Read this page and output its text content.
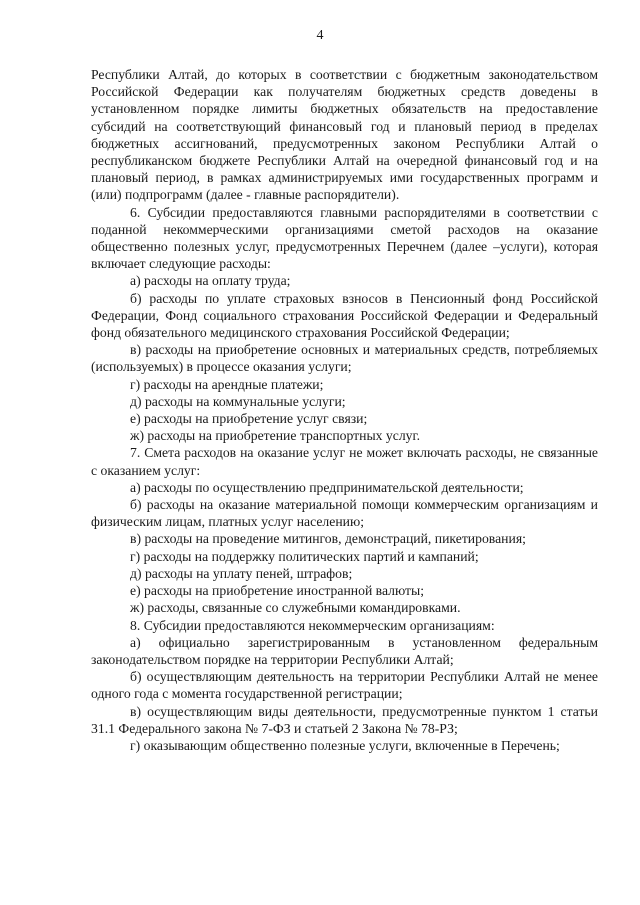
4

Республики Алтай, до которых в соответствии с бюджетным законодательством Российской Федерации как получателям бюджетных средств доведены в установленном порядке лимиты бюджетных обязательств на предоставление субсидий на соответствующий финансовый год и плановый период в пределах бюджетных ассигнований, предусмотренных законом Республики Алтай о республиканском бюджете Республики Алтай на очередной финансовый год и на плановый период, в рамках администрируемых ими государственных программ и (или) подпрограмм (далее - главные распорядители).

6. Субсидии предоставляются главными распорядителями в соответствии с поданной некоммерческими организациями сметой расходов на оказание общественно полезных услуг, предусмотренных Перечнем (далее –услуги), которая включает следующие расходы:

а) расходы на оплату труда;

б) расходы по уплате страховых взносов в Пенсионный фонд Российской Федерации, Фонд социального страхования Российской Федерации и Федеральный фонд обязательного медицинского страхования Российской Федерации;

в) расходы на приобретение основных и материальных средств, потребляемых (используемых) в процессе оказания услуги;

г) расходы на арендные платежи;

д) расходы на коммунальные услуги;

е) расходы на приобретение услуг связи;

ж) расходы на приобретение транспортных услуг.

7. Смета расходов на оказание услуг не может включать расходы, не связанные с оказанием услуг:

а) расходы по осуществлению предпринимательской деятельности;

б) расходы на оказание материальной помощи коммерческим организациям и физическим лицам, платных услуг населению;

в) расходы на проведение митингов, демонстраций, пикетирования;

г) расходы на поддержку политических партий и кампаний;

д) расходы на уплату пеней, штрафов;

е) расходы на приобретение иностранной валюты;

ж) расходы, связанные со служебными командировками.

8. Субсидии предоставляются некоммерческим организациям:

а) официально зарегистрированным в установленном федеральным законодательством порядке на территории Республики Алтай;

б) осуществляющим деятельность на территории Республики Алтай не менее одного года с момента государственной регистрации;

в) осуществляющим виды деятельности, предусмотренные пунктом 1 статьи 31.1 Федерального закона № 7-ФЗ и статьей 2 Закона № 78-РЗ;

г) оказывающим общественно полезные услуги, включенные в Перечень;
